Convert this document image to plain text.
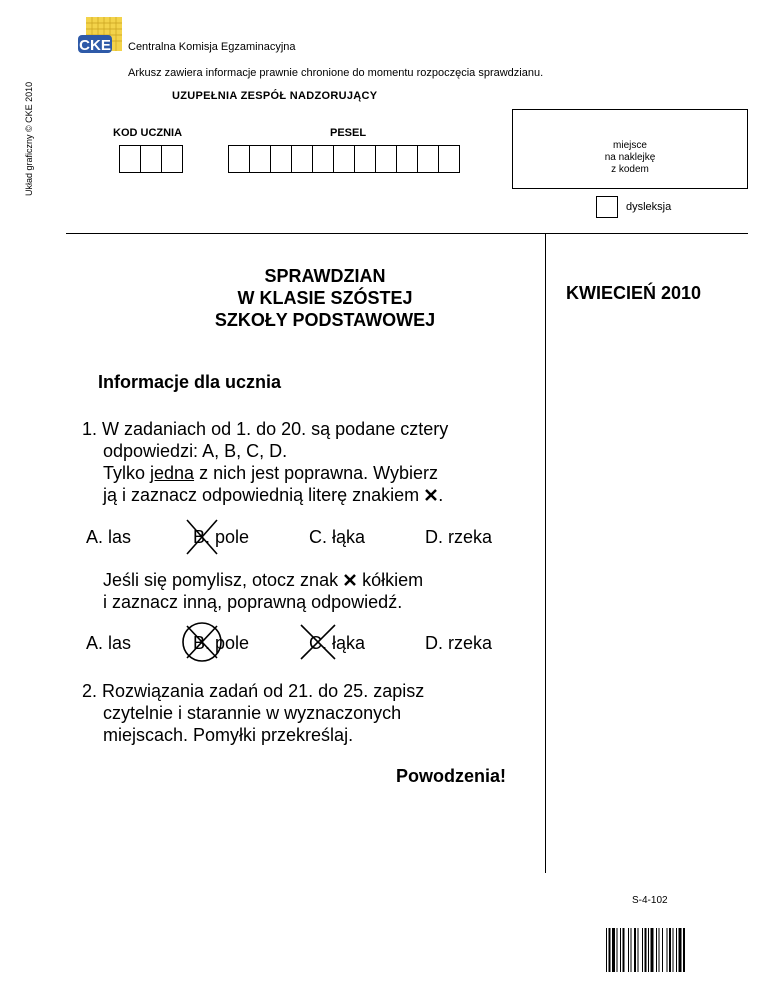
Układ graficzny © CKE 2010
CKE Centralna Komisja Egzaminacyjna
Arkusz zawiera informacje prawnie chronione do momentu rozpoczęcia sprawdzianu.
UZUPEŁNIA ZESPÓŁ NADZORUJĄCY
KOD UCZNIA	PESEL
miejsce
na naklejkę
z kodem
dysleksja
SPRAWDZIAN
W KLASIE SZÓSTEJ
SZKOŁY PODSTAWOWEJ
KWIECIEŃ 2010
Informacje dla ucznia
1. W zadaniach od 1. do 20. są podane cztery
odpowiedzi: A, B, C, D.
Tylko jedna z nich jest poprawna. Wybierz
ją i zaznacz odpowiednią literę znakiem .
A. las	B. pole	C. łąka	D. rzeka
Jeśli się pomylisz, otocz znak kółkiem
i zaznacz inną, poprawną odpowiedź.
A. las	B. pole	C. łąka	D. rzeka
2. Rozwiązania zadań od 21. do 25. zapisz
czytelnie i starannie w wyznaczonych
miejscach. Pomyłki przekreślaj.
Powodzenia!
S-4-102
